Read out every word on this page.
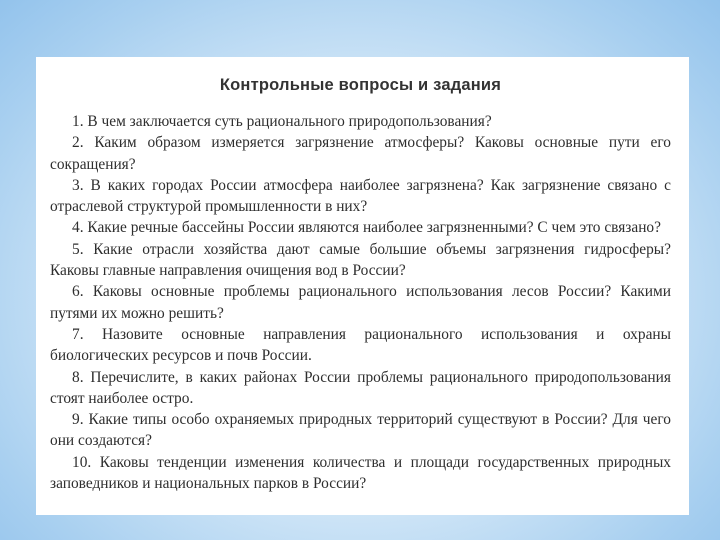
Контрольные вопросы и задания
1. В чем заключается суть рационального природопользования?
2. Каким образом измеряется загрязнение атмосферы? Каковы основные пути его сокращения?
3. В каких городах России атмосфера наиболее загрязнена? Как загрязнение связано с отраслевой структурой промышленности в них?
4. Какие речные бассейны России являются наиболее загрязненными? С чем это связано?
5. Какие отрасли хозяйства дают самые большие объемы загрязнения гидросферы? Каковы главные направления очищения вод в России?
6. Каковы основные проблемы рационального использования лесов России? Какими путями их можно решить?
7. Назовите основные направления рационального использования и охраны биологических ресурсов и почв России.
8. Перечислите, в каких районах России проблемы рационального природопользования стоят наиболее остро.
9. Какие типы особо охраняемых природных территорий существуют в России? Для чего они создаются?
10. Каковы тенденции изменения количества и площади государственных природных заповедников и национальных парков в России?
